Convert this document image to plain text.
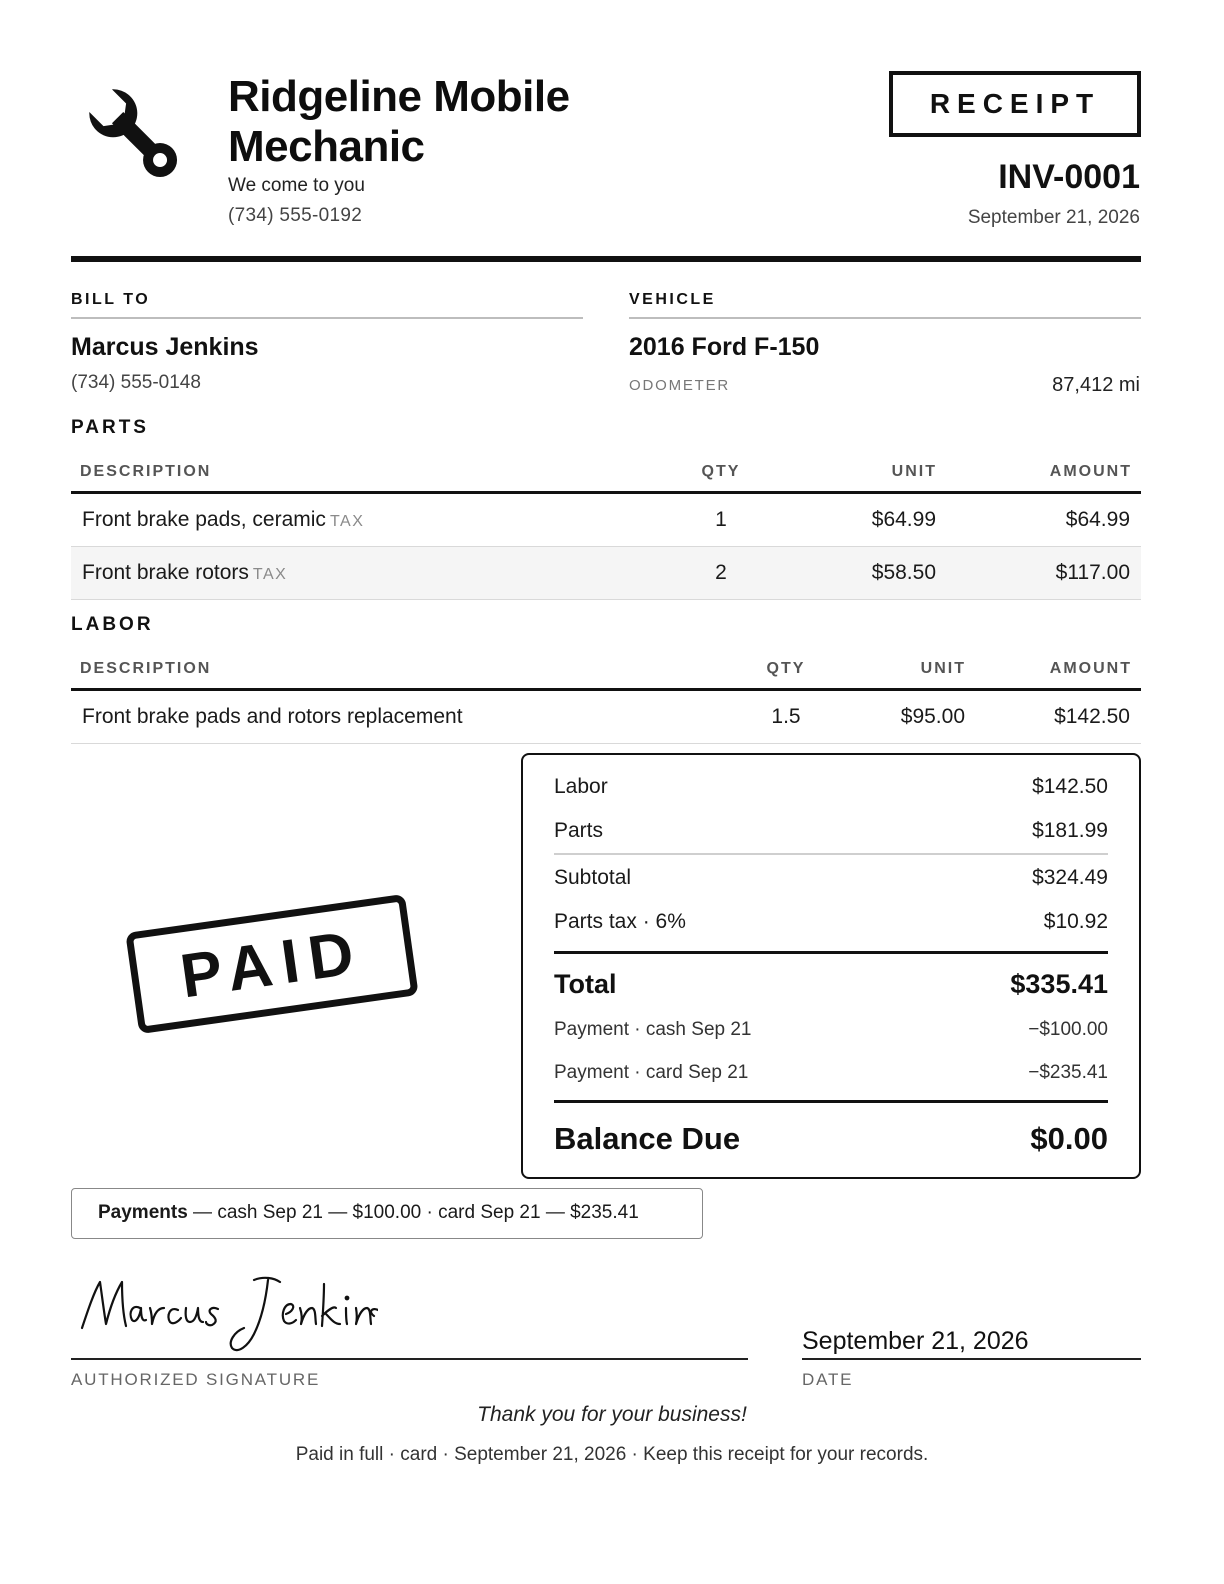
Ridgeline Mobile
Mechanic
We come to you
(734) 555-0192
RECEIPT
INV-0001
September 21, 2026
BILL TO
Marcus Jenkins
(734) 555-0148
VEHICLE
2016 Ford F-150
ODOMETER	87,412 mi
PARTS
DESCRIPTION	QTY	UNIT	AMOUNT
Front brake pads, ceramic TAX	1	$64.99	$64.99
Front brake rotors TAX	2	$58.50	$117.00
LABOR
DESCRIPTION	QTY	UNIT	AMOUNT
Front brake pads and rotors replacement	1.5	$95.00	$142.50
PAID
Labor	$142.50
Parts	$181.99
Subtotal	$324.49
Parts tax · 6%	$10.92
Total	$335.41
Payment · cash Sep 21	−$100.00
Payment · card Sep 21	−$235.41
Balance Due	$0.00
Payments — cash Sep 21 — $100.00 · card Sep 21 — $235.41
AUTHORIZED SIGNATURE
September 21, 2026
DATE
Thank you for your business!
Paid in full · card · September 21, 2026 · Keep this receipt for your records.
